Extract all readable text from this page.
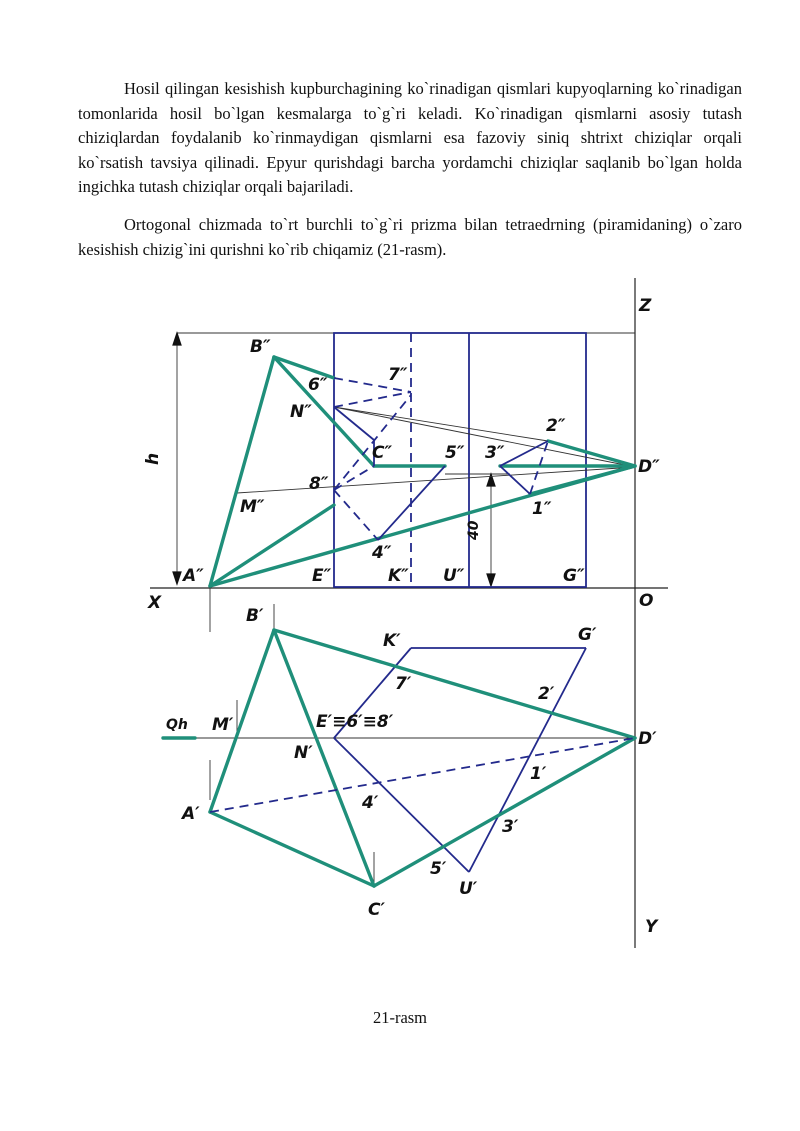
Hosil qilingan kesishish kupburchagining ko`rinadigan qismlari kupyoqlarning ko`rinadigan tomonlarida hosil bo`lgan kesmalarga to`g`ri keladi. Ko`rinadigan qismlarni asosiy tutash chiziqlardan foydalanib ko`rinmaydigan qismlarni esa fazoviy siniq shtrixt chiziqlar orqali ko`rsatish tavsiya qilinadi. Epyur qurishdagi barcha yordamchi chiziqlar saqlanib bo`lgan holda ingichka tutash chiziqlar orqali bajariladi.

Ortogonal chizmada to`rt burchli to`g`ri prizma bilan tetraedrning (piramidaning) o`zaro kesishish chizig`ini qurishni ko`rib chiqamiz (21-rasm).

Z
X	O
Y
h
40
B″
6″	7″
N″
2″
C″	5″ 3″
D″
8″
M″	1″
4″
A″	E″	K″ U″	G″
B′
K′	G′
7′	2′
Qh M′	E′≡6′≡8′
D′
N′
1′
4′
A′
3′
5′
U′
C′
21-rasm
